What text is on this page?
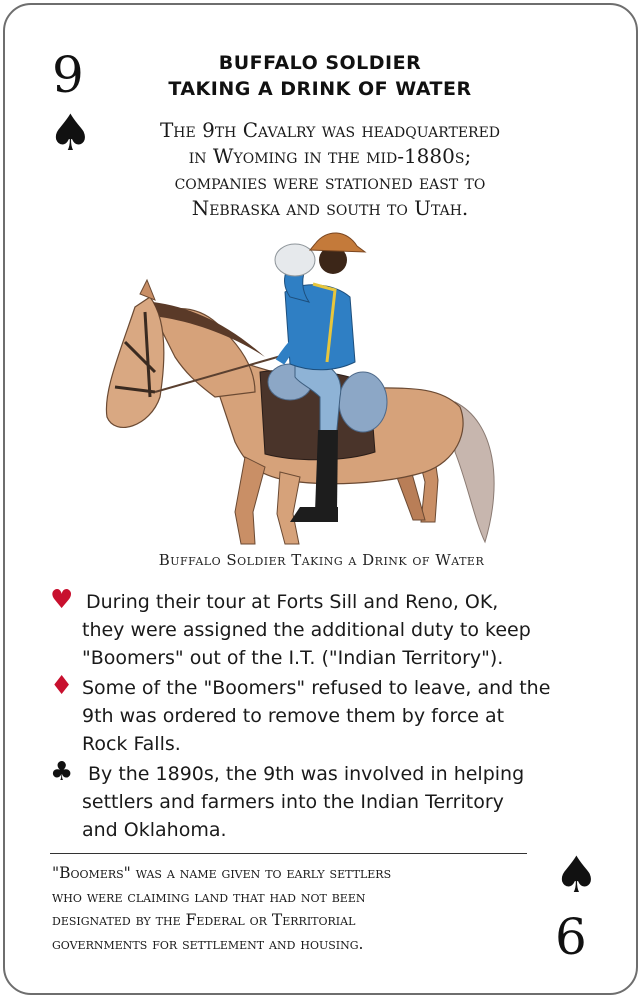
9
♠
BUFFALO SOLDIER
TAKING A DRINK OF WATER
The 9th Cavalry was headquartered
in Wyoming in the mid-1880s;
companies were stationed east to
Nebraska and south to Utah.
Buffalo Soldier Taking a Drink of Water
♥ During their tour at Forts Sill and Reno, OK,
they were assigned the additional duty to keep
"Boomers" out of the I.T. ("Indian Territory").
♦ Some of the "Boomers" refused to leave, and the
9th was ordered to remove them by force at
Rock Falls.
♣ By the 1890s, the 9th was involved in helping
settlers and farmers into the Indian Territory
and Oklahoma.
"Boomers" was a name given to early settlers
who were claiming land that had not been
designated by the Federal or Territorial
governments for settlement and housing.
♠
6
